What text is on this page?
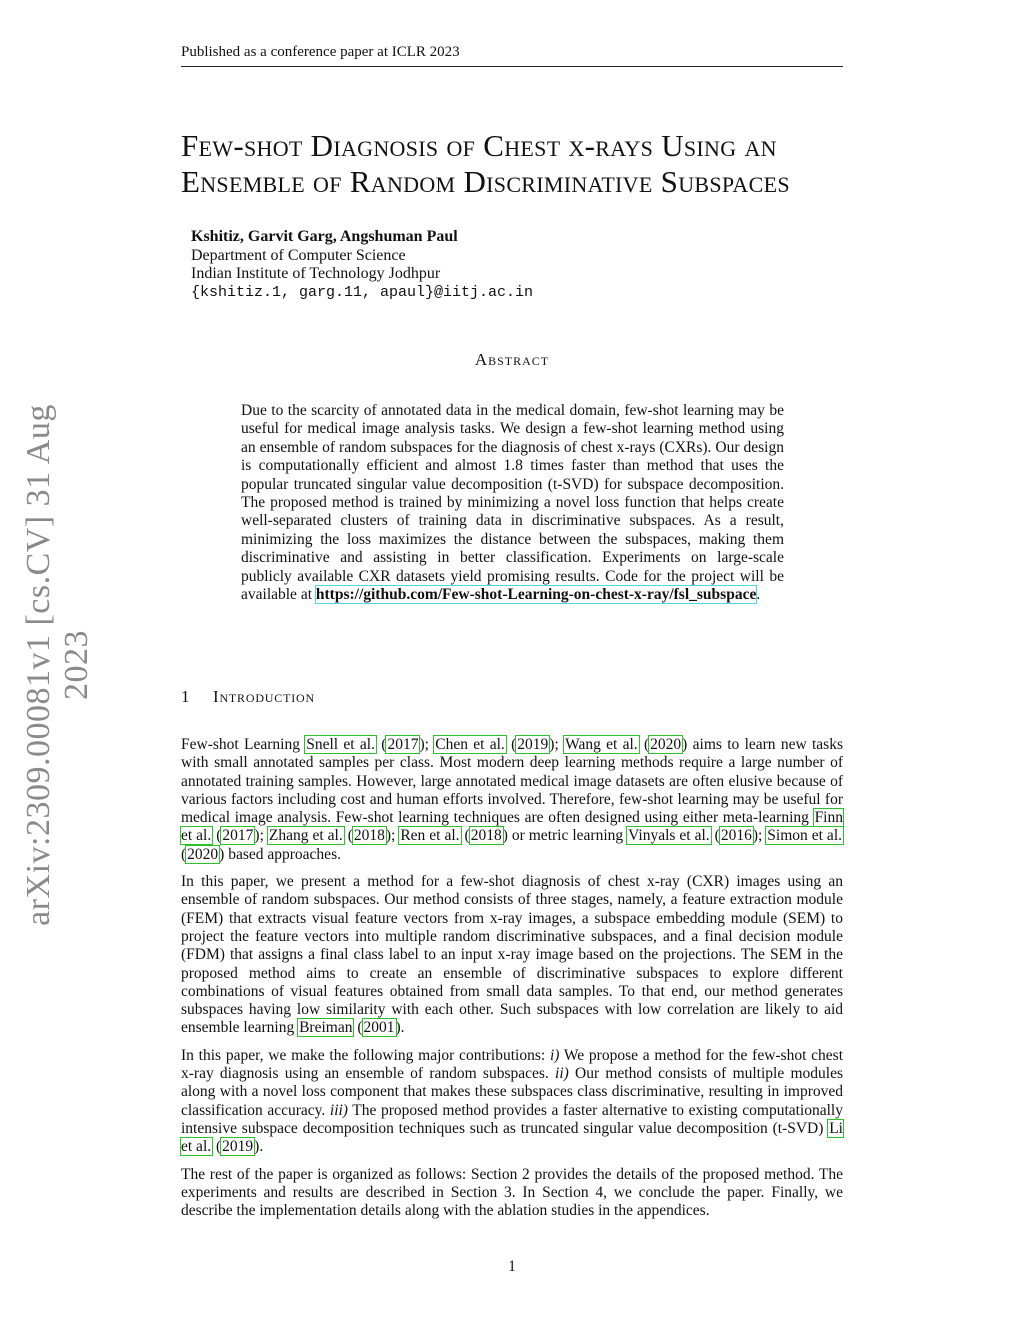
Published as a conference paper at ICLR 2023
arXiv:2309.00081v1 [cs.CV] 31 Aug 2023
Few-shot Diagnosis of Chest x-rays Using an
Ensemble of Random Discriminative Subspaces
Kshitiz, Garvit Garg, Angshuman Paul
Department of Computer Science
Indian Institute of Technology Jodhpur
{kshitiz.1, garg.11, apaul}@iitj.ac.in
Abstract
Due to the scarcity of annotated data in the medical domain, few-shot learning may be useful for medical image analysis tasks. We design a few-shot learning method using an ensemble of random subspaces for the diagnosis of chest x-rays (CXRs). Our design is computationally efficient and almost 1.8 times faster than method that uses the popular truncated singular value decomposition (t-SVD) for subspace decomposition. The proposed method is trained by minimizing a novel loss function that helps create well-separated clusters of training data in discriminative subspaces. As a result, minimizing the loss maximizes the distance between the subspaces, making them discriminative and assisting in better classification. Experiments on large-scale publicly available CXR datasets yield promising results. Code for the project will be available at https://github.com/Few-shot-Learning-on-chest-x-ray/fsl_subspace.
1 Introduction

Few-shot Learning Snell et al. (2017); Chen et al. (2019); Wang et al. (2020) aims to learn new tasks with small annotated samples per class. Most modern deep learning methods require a large number of annotated training samples. However, large annotated medical image datasets are often elusive because of various factors including cost and human efforts involved. Therefore, few-shot learning may be useful for medical image analysis. Few-shot learning techniques are often designed using either meta-learning Finn et al. (2017); Zhang et al. (2018); Ren et al. (2018) or metric learning Vinyals et al. (2016); Simon et al. (2020) based approaches.

In this paper, we present a method for a few-shot diagnosis of chest x-ray (CXR) images using an ensemble of random subspaces. Our method consists of three stages, namely, a feature extraction module (FEM) that extracts visual feature vectors from x-ray images, a subspace embedding module (SEM) to project the feature vectors into multiple random discriminative subspaces, and a final decision module (FDM) that assigns a final class label to an input x-ray image based on the projections. The SEM in the proposed method aims to create an ensemble of discriminative subspaces to explore different combinations of visual features obtained from small data samples. To that end, our method generates subspaces having low similarity with each other. Such subspaces with low correlation are likely to aid ensemble learning Breiman (2001).

In this paper, we make the following major contributions: i) We propose a method for the few-shot chest x-ray diagnosis using an ensemble of random subspaces. ii) Our method consists of multiple modules along with a novel loss component that makes these subspaces class discriminative, resulting in improved classification accuracy. iii) The proposed method provides a faster alternative to existing computationally intensive subspace decomposition techniques such as truncated singular value decomposition (t-SVD) Li et al. (2019).

The rest of the paper is organized as follows: Section 2 provides the details of the proposed method. The experiments and results are described in Section 3. In Section 4, we conclude the paper. Finally, we describe the implementation details along with the ablation studies in the appendices.

1
